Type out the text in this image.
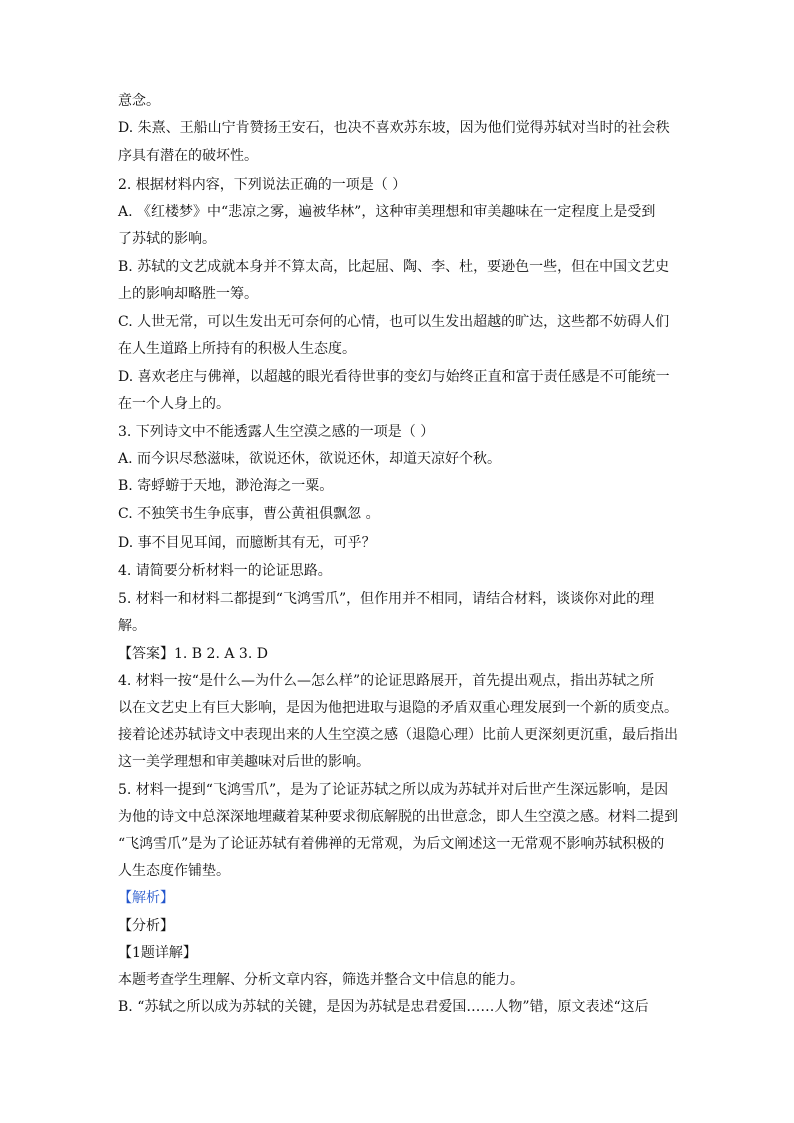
意念。
D. 朱熹、王船山宁肯赞扬王安石，也决不喜欢苏东坡，因为他们觉得苏轼对当时的社会秩
序具有潜在的破坏性。
2. 根据材料内容，下列说法正确的一项是（ ）
A. 《红楼梦》中“悲凉之雾，遍被华林”，这种审美理想和审美趣味在一定程度上是受到
了苏轼的影响。
B. 苏轼的文艺成就本身并不算太高，比起屈、陶、李、杜，要逊色一些，但在中国文艺史
上的影响却略胜一筹。
C. 人世无常，可以生发出无可奈何的心情，也可以生发出超越的旷达，这些都不妨碍人们
在人生道路上所持有的积极人生态度。
D. 喜欢老庄与佛禅，以超越的眼光看待世事的变幻与始终正直和富于责任感是不可能统一
在一个人身上的。
3. 下列诗文中不能透露人生空漠之感的一项是（ ）
A. 而今识尽愁滋味，欲说还休，欲说还休，却道天凉好个秋。
B. 寄蜉蝣于天地，渺沧海之一粟。
C. 不独笑书生争底事，曹公黄祖俱飘忽 。
D. 事不目见耳闻，而臆断其有无，可乎？
4. 请简要分析材料一的论证思路。
5. 材料一和材料二都提到“飞鸿雪爪”，但作用并不相同，请结合材料，谈谈你对此的理
解。
【答案】1. B 2. A 3. D
4. 材料一按“是什么—为什么—怎么样”的论证思路展开，首先提出观点，指出苏轼之所
以在文艺史上有巨大影响，是因为他把进取与退隐的矛盾双重心理发展到一个新的质变点。
接着论述苏轼诗文中表现出来的人生空漠之感（退隐心理）比前人更深刻更沉重，最后指出
这一美学理想和审美趣味对后世的影响。
5. 材料一提到“飞鸿雪爪”，是为了论证苏轼之所以成为苏轼并对后世产生深远影响，是因
为他的诗文中总深深地埋藏着某种要求彻底解脱的出世意念，即人生空漠之感。材料二提到
“飞鸿雪爪”是为了论证苏轼有着佛禅的无常观，为后文阐述这一无常观不影响苏轼积极的
人生态度作铺垫。
【解析】
【分析】
【1题详解】
本题考查学生理解、分析文章内容，筛选并整合文中信息的能力。
B. “苏轼之所以成为苏轼的关键，是因为苏轼是忠君爱国……人物”错，原文表述“这后
